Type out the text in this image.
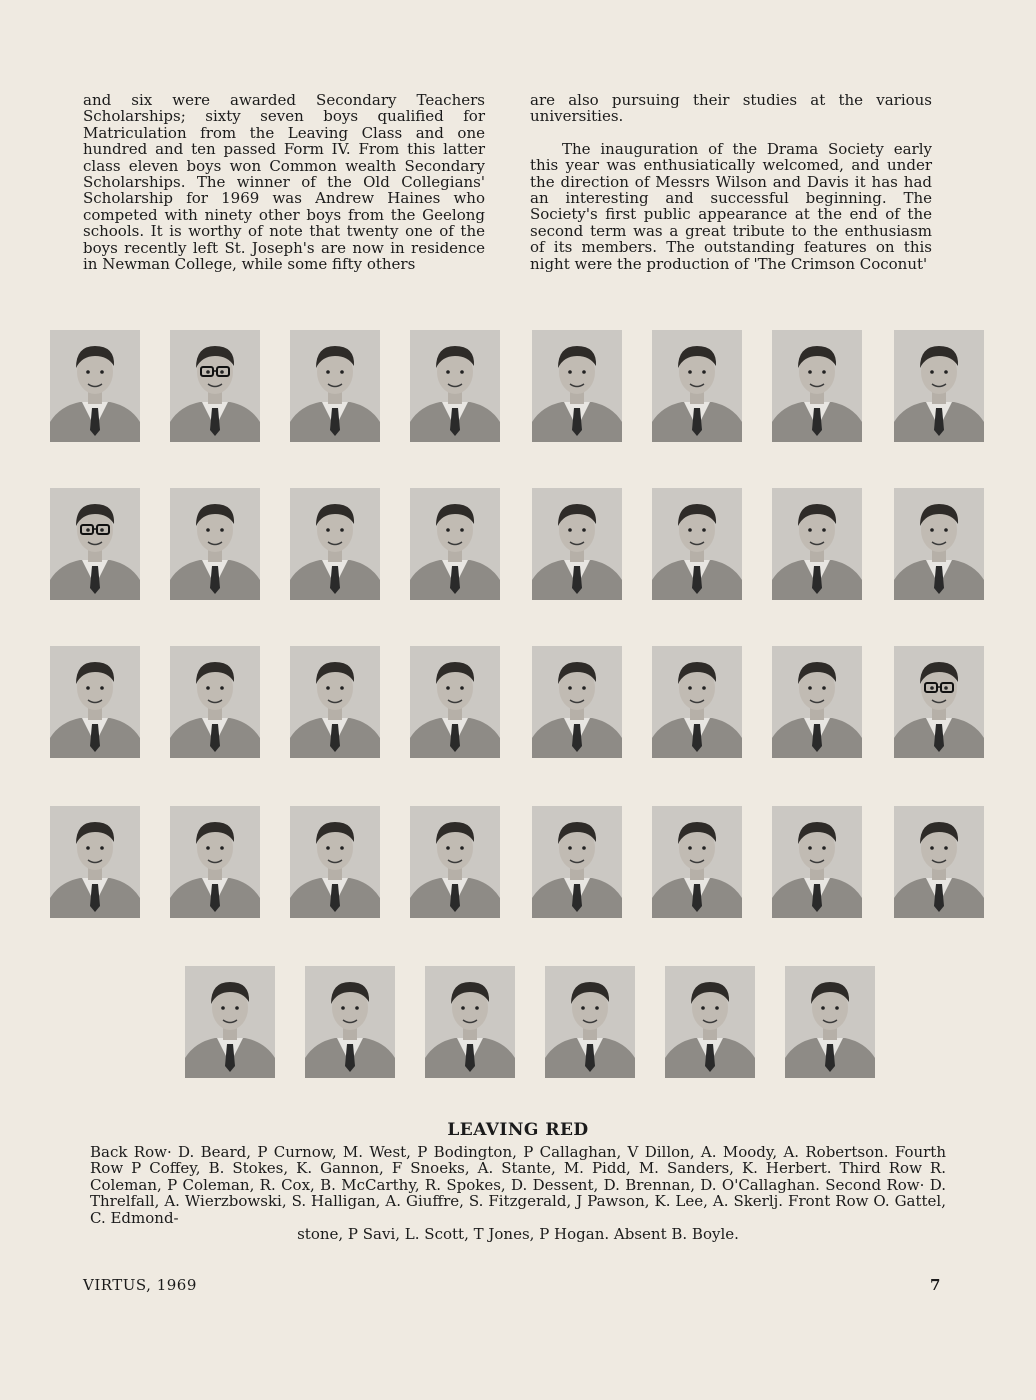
and six were awarded Secondary Teachers Scholarships; sixty seven boys qualified for Matriculation from the Leaving Class and one hundred and ten passed Form IV. From this latter class eleven boys won Common wealth Secondary Scholarships. The winner of the Old Collegians' Scholarship for 1969 was Andrew Haines who competed with ninety other boys from the Geelong schools. It is worthy of note that twenty one of the boys recently left St. Joseph's are now in residence in Newman College, while some fifty others

are also pursuing their studies at the various universities.

The inauguration of the Drama Society early this year was enthusiatically welcomed, and under the direction of Messrs Wilson and Davis it has had an interesting and successful beginning. The Society's first public appearance at the end of the second term was a great tribute to the enthusiasm of its members. The outstanding features on this night were the production of 'The Crimson Coconut'

LEAVING RED
Back Row· D. Beard, P Curnow, M. West, P Bodington, P Callaghan, V Dillon, A. Moody, A. Robertson. Fourth Row P Coffey, B. Stokes, K. Gannon, F Snoeks, A. Stante, M. Pidd, M. Sanders, K. Herbert. Third Row R. Coleman, P Coleman, R. Cox, B. McCarthy, R. Spokes, D. Dessent, D. Brennan, D. O'Callaghan. Second Row· D. Threlfall, A. Wierzbowski, S. Halligan, A. Giuffre, S. Fitzgerald, J Pawson, K. Lee, A. Skerlj. Front Row O. Gattel, C. Edmond-
stone, P Savi, L. Scott, T Jones, P Hogan. Absent B. Boyle.
VIRTUS, 1969	7
